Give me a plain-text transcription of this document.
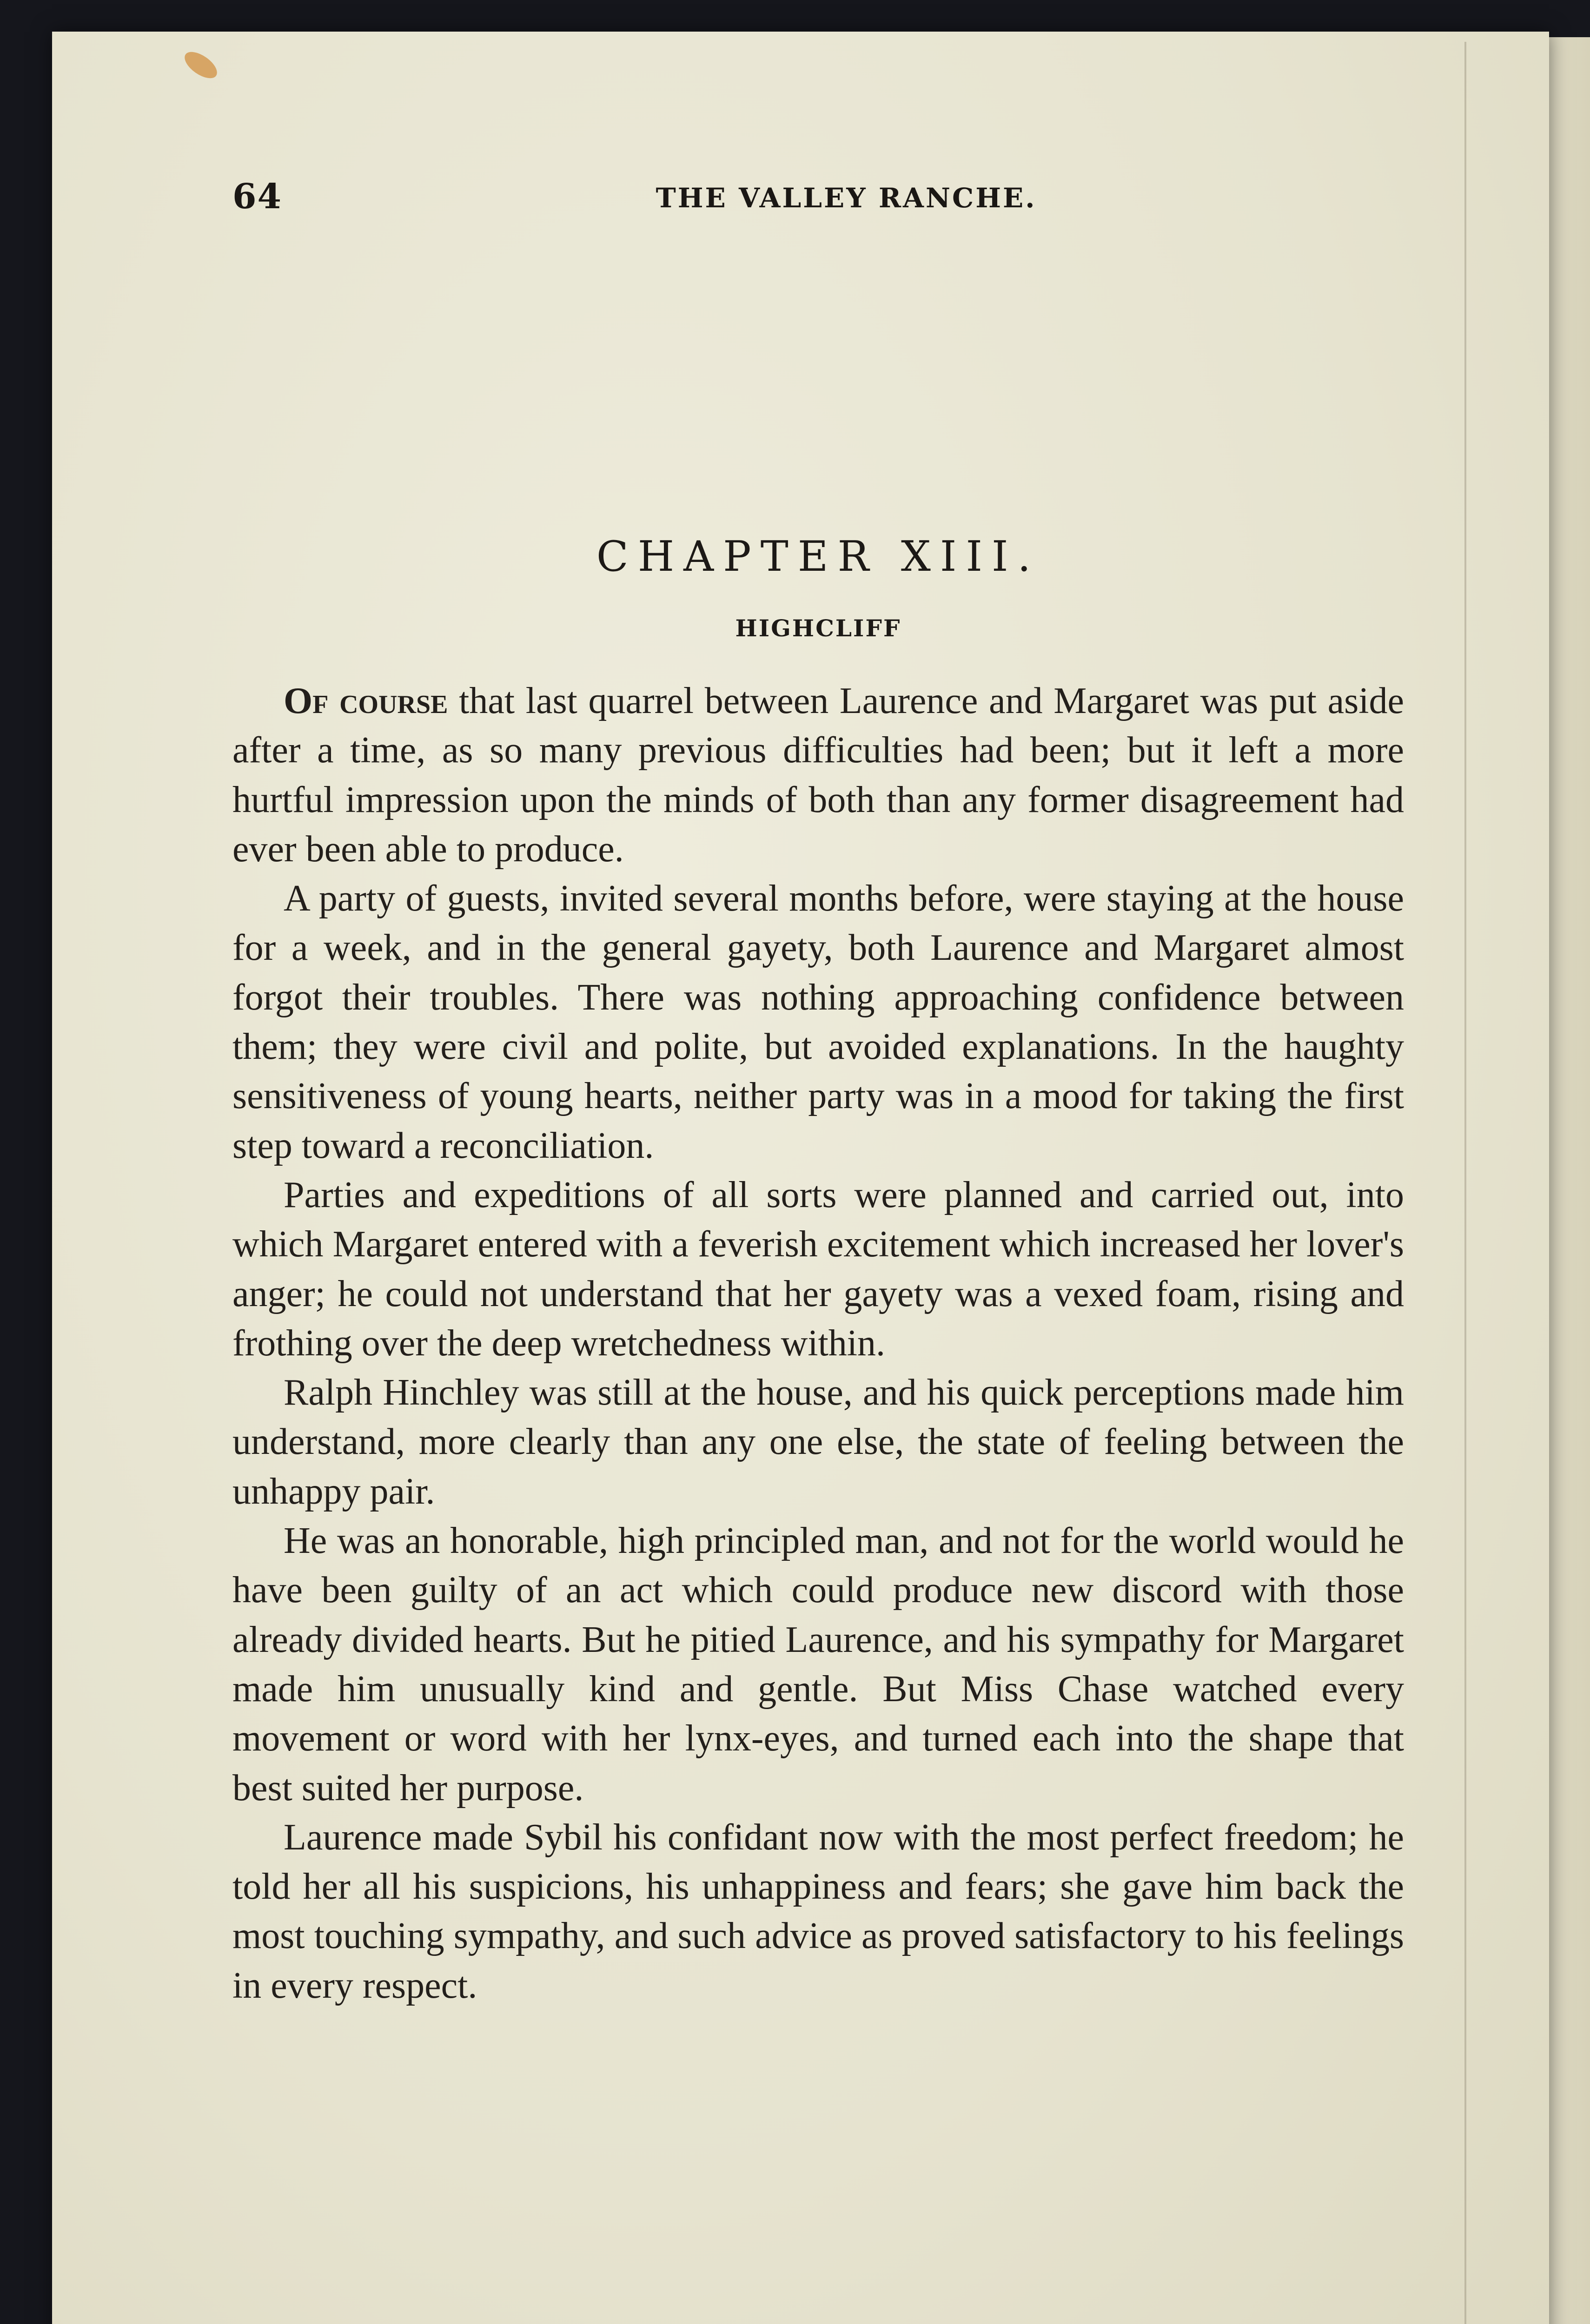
64	THE VALLEY RANCHE.
CHAPTER XIII.
HIGHCLIFF

Of course that last quarrel between Laurence and Margaret was put aside after a time, as so many previous difficulties had been; but it left a more hurtful impression upon the minds of both than any former disagreement had ever been able to produce.

A party of guests, invited several months before, were staying at the house for a week, and in the general gayety, both Laurence and Margaret almost forgot their troubles. There was nothing approaching confidence between them; they were civil and polite, but avoided explanations. In the haughty sensitiveness of young hearts, neither party was in a mood for taking the first step toward a reconciliation.

Parties and expeditions of all sorts were planned and carried out, into which Margaret entered with a feverish excitement which increased her lover's anger; he could not understand that her gayety was a vexed foam, rising and frothing over the deep wretchedness within.

Ralph Hinchley was still at the house, and his quick perceptions made him understand, more clearly than any one else, the state of feeling between the unhappy pair.

He was an honorable, high principled man, and not for the world would he have been guilty of an act which could produce new discord with those already divided hearts. But he pitied Laurence, and his sympathy for Margaret made him unusually kind and gentle. But Miss Chase watched every movement or word with her lynx-eyes, and turned each into the shape that best suited her purpose.

Laurence made Sybil his confidant now with the most perfect freedom; he told her all his suspicions, his unhappiness and fears; she gave him back the most touching sympathy, and such advice as proved satisfactory to his feelings in every respect.
